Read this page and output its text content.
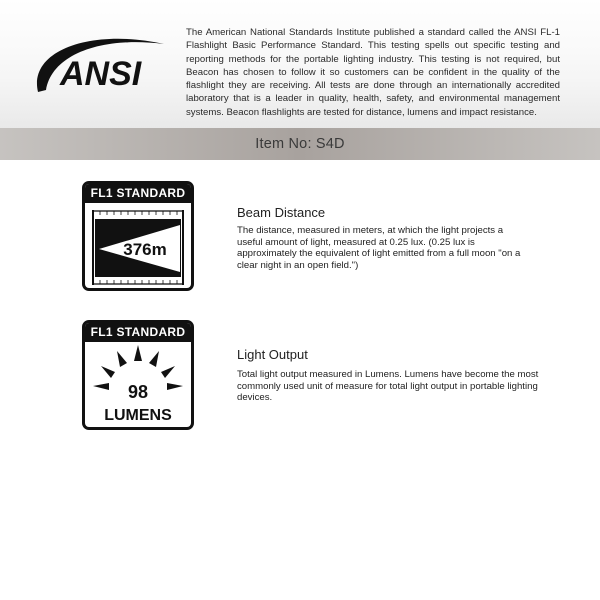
ANSI

The American National Standards Institute published a standard called the ANSI FL-1 Flashlight Basic Performance Standard. This testing spells out specific testing and reporting methods for the portable lighting industry. This testing is not required, but Beacon has chosen to follow it so customers can be confident in the quality of the flashlight they are receiving. All tests are done through an internationally accredited laboratory that is a leader in quality, health, safety, and environmental management systems. Beacon flashlights are tested for distance, lumens and impact resistance.

Item No: S4D
FL1 STANDARD
376m

Beam Distance

The distance, measured in meters, at which the light projects a useful amount of light, measured at 0.25 lux. (0.25 lux is approximately the equivalent of light emitted from a full moon "on a clear night in an open field.")

FL1 STANDARD
98
LUMENS

Light Output

Total light output measured in Lumens. Lumens have become the most commonly used unit of measure for total light output in portable lighting devices.
